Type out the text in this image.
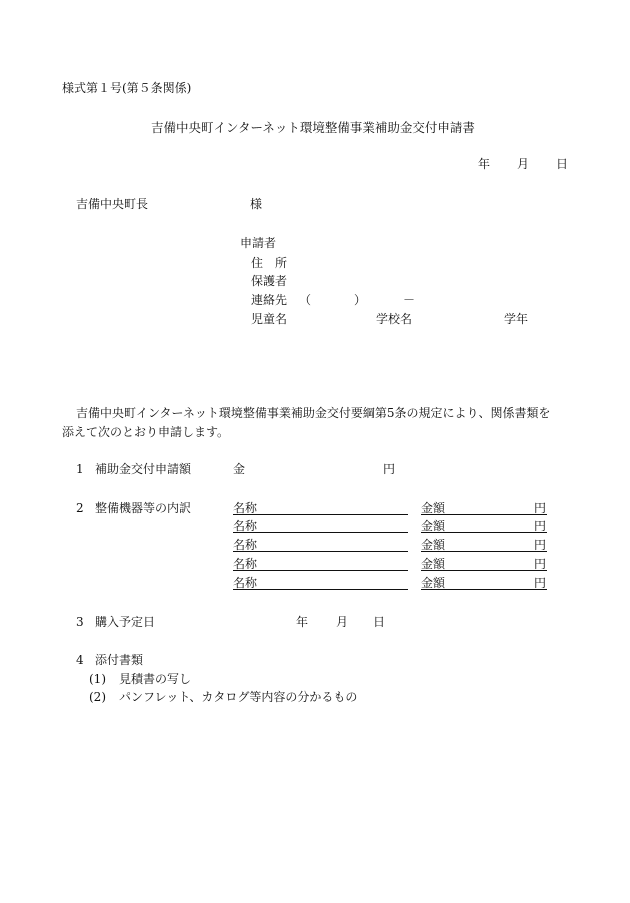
様式第１号(第５条関係)
吉備中央町インターネット環境整備事業補助金交付申請書
年 月 日
吉備中央町長	様
申請者
住　所
保護者
連絡先 （	）	－
児童名	学校名	学年
吉備中央町インターネット環境整備事業補助金交付要綱第5条の規定により、関係書類を
添えて次のとおり申請します。
1 補助金交付申請額	金	円
2 整備機器等の内訳	名称	金額	円
名称	金額	円
名称	金額	円
名称	金額	円
名称	金額	円
3 購入予定日	年 月 日
4 添付書類
(1) 見積書の写し
(2) パンフレット、カタログ等内容の分かるもの
